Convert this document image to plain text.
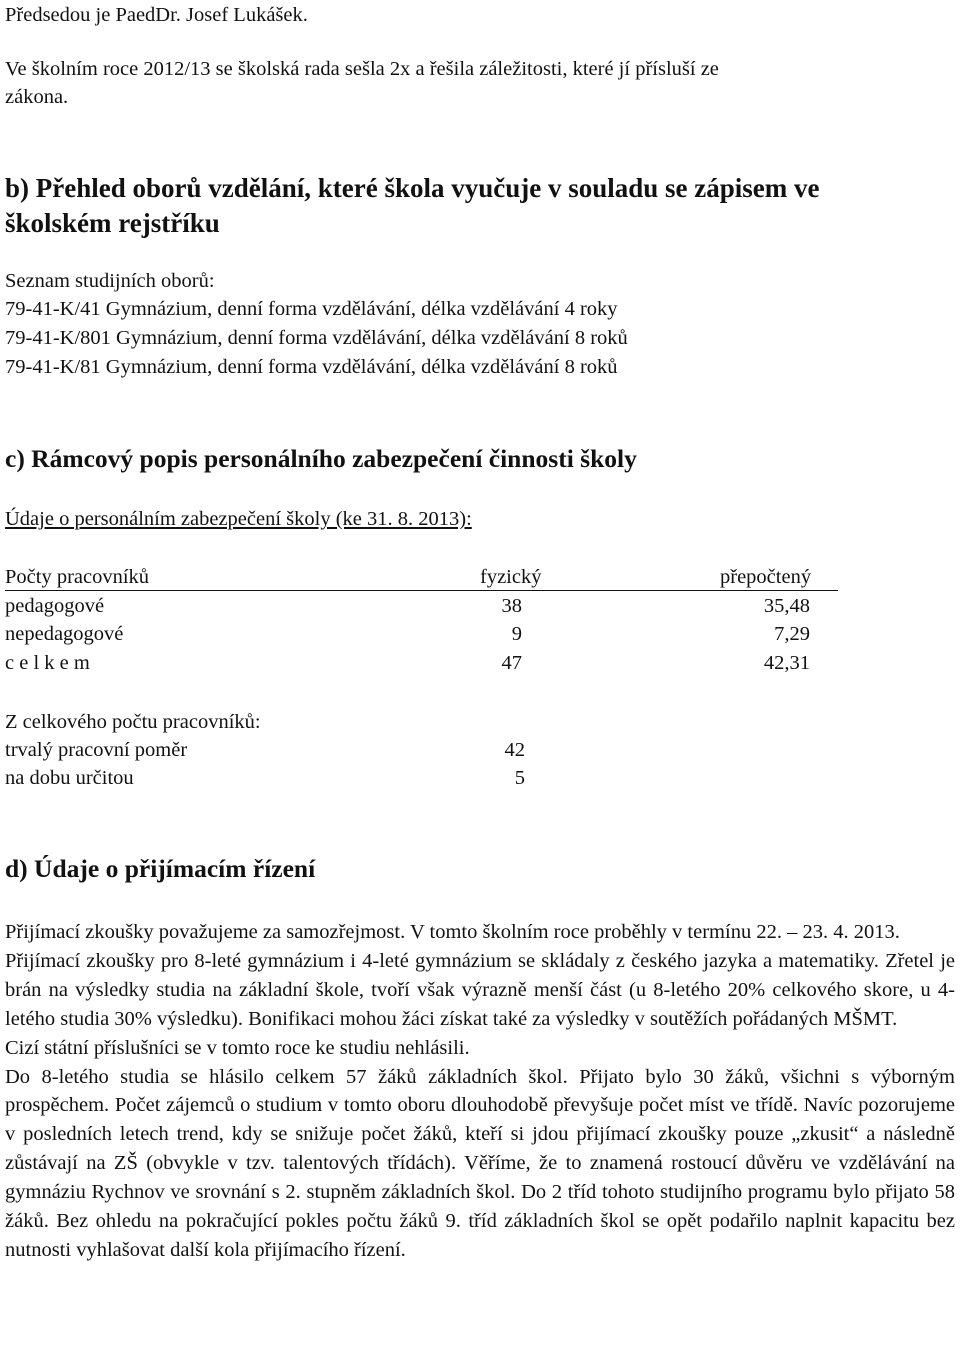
Předsedou je PaedDr. Josef Lukášek.
Ve školním roce 2012/13 se školská rada sešla 2x a řešila záležitosti, které jí přísluší ze
zákona.
b) Přehled oborů vzdělání, které škola vyučuje v souladu se zápisem ve
školském rejstříku
Seznam studijních oborů:
79-41-K/41 Gymnázium, denní forma vzdělávání, délka vzdělávání 4 roky
79-41-K/801 Gymnázium, denní forma vzdělávání, délka vzdělávání 8 roků
79-41-K/81 Gymnázium, denní forma vzdělávání, délka vzdělávání 8 roků
c) Rámcový popis personálního zabezpečení činnosti školy
Údaje o personálním zabezpečení školy (ke 31. 8. 2013):
Počty pracovníků	fyzický	přepočtený
pedagogové	38	35,48
nepedagogové	9	7,29
c e l k e m	47	42,31
Z celkového počtu pracovníků:
trvalý pracovní poměr	42
na dobu určitou	5
d) Údaje o přijímacím řízení

Přijímací zkoušky považujeme za samozřejmost. V tomto školním roce proběhly v termínu 22. – 23. 4. 2013.

Přijímací zkoušky pro 8-leté gymnázium i 4-leté gymnázium se skládaly z českého jazyka a matematiky. Zřetel je brán na výsledky studia na základní škole, tvoří však výrazně menší část (u 8-letého 20% celkového skore, u 4-letého studia 30% výsledku). Bonifikaci mohou žáci získat také za výsledky v soutěžích pořádaných MŠMT.

Cizí státní příslušníci se v tomto roce ke studiu nehlásili.

Do 8-letého studia se hlásilo celkem 57 žáků základních škol. Přijato bylo 30 žáků, všichni s výborným prospěchem. Počet zájemců o studium v tomto oboru dlouhodobě převyšuje počet míst ve třídě. Navíc pozorujeme v posledních letech trend, kdy se snižuje počet žáků, kteří si jdou přijímací zkoušky pouze „zkusit“ a následně zůstávají na ZŠ (obvykle v tzv. talentových třídách). Věříme, že to znamená rostoucí důvěru ve vzdělávání na gymnáziu Rychnov ve srovnání s 2. stupněm základních škol. Do 2 tříd tohoto studijního programu bylo přijato 58 žáků. Bez ohledu na pokračující pokles počtu žáků 9. tříd základních škol se opět podařilo naplnit kapacitu bez nutnosti vyhlašovat další kola přijímacího řízení.
